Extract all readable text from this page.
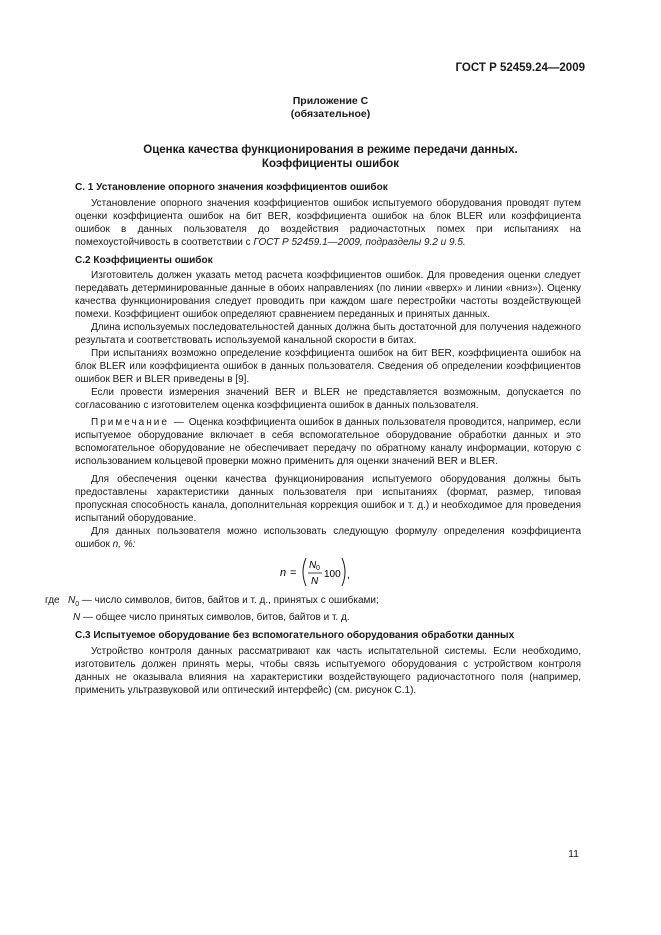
ГОСТ Р 52459.24—2009
Приложение С
(обязательное)
Оценка качества функционирования в режиме передачи данных.
Коэффициенты ошибок
С. 1 Установление опорного значения коэффициентов ошибок

Установление опорного значения коэффициентов ошибок испытуемого оборудования проводят путем оценки коэффициента ошибок на бит BER, коэффициента ошибок на блок BLER или коэффициента ошибок в данных пользователя до воздействия радиочастотных помех при испытаниях на помехоустойчивость в соответствии с ГОСТ Р 52459.1—2009, подразделы 9.2 и 9.5.

С.2 Коэффициенты ошибок

Изготовитель должен указать метод расчета коэффициентов ошибок. Для проведения оценки следует передавать детерминированные данные в обоих направлениях (по линии «вверх» и линии «вниз»). Оценку качества функционирования следует проводить при каждом шаге перестройки частоты воздействующей помехи. Коэффициент ошибок определяют сравнением переданных и принятых данных.

Длина используемых последовательностей данных должна быть достаточной для получения надежного результата и соответствовать используемой канальной скорости в битах.

При испытаниях возможно определение коэффициента ошибок на бит BER, коэффициента ошибок на блок BLER или коэффициента ошибок в данных пользователя. Сведения об определении коэффициентов ошибок BER и BLER приведены в [9].

Если провести измерения значений BER и BLER не представляется возможным, допускается по согласованию с изготовителем оценка коэффициента ошибок в данных пользователя.

Примечание — Оценка коэффициента ошибок в данных пользователя проводится, например, если испытуемое оборудование включает в себя вспомогательное оборудование обработки данных и это вспомогательное оборудование не обеспечивает передачу по обратному каналу информации, которую с использованием кольцевой проверки можно применить для оценки значений BER и BLER.

Для обеспечения оценки качества функционирования испытуемого оборудования должны быть предоставлены характеристики данных пользователя при испытаниях (формат, размер, типовая пропускная способность канала, дополнительная коррекция ошибок и т. д.) и необходимое для проведения испытаний оборудование.

Для данных пользователя можно использовать следующую формулу определения коэффициента ошибок n, %:

n =
N 0
N
100 ,

где $N_0$ — число символов, битов, байтов и т. д., принятых с ошибками;

N — общее число принятых символов, битов, байтов и т. д.

С.3 Испытуемое оборудование без вспомогательного оборудования обработки данных

Устройство контроля данных рассматривают как часть испытательной системы. Если необходимо, изготовитель должен принять меры, чтобы связь испытуемого оборудования с устройством контроля данных не оказывала влияния на характеристики воздействующего радиочастотного поля (например, применить ультразвуковой или оптический интерфейс) (см. рисунок С.1).

11
